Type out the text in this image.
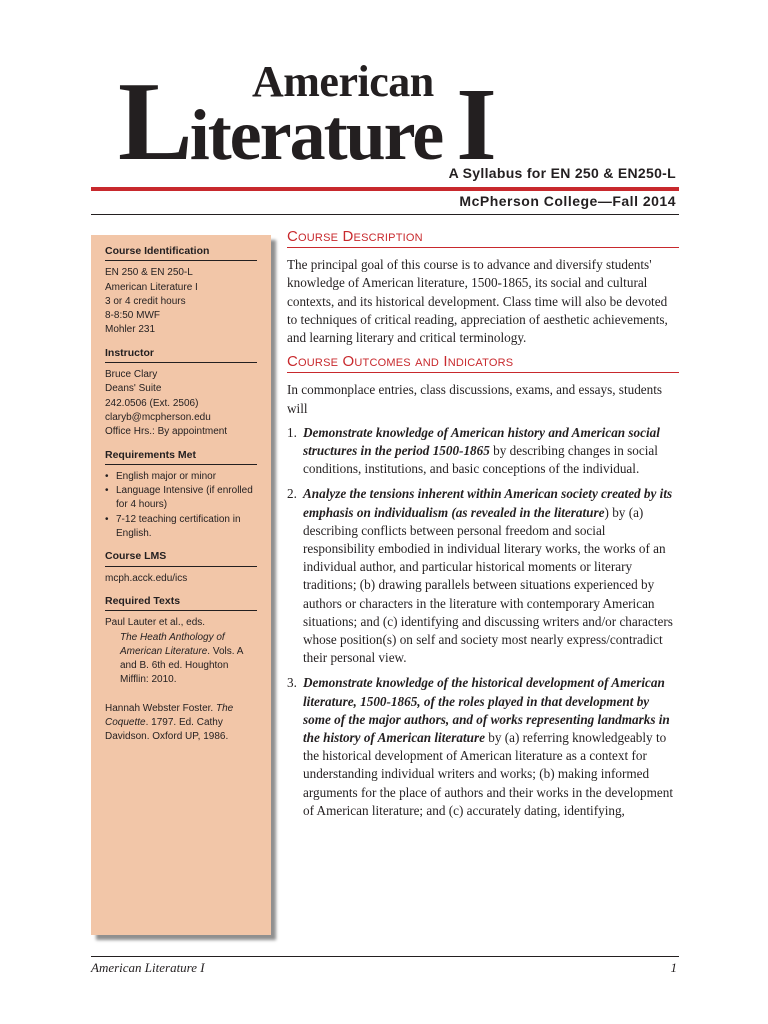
American
Literature I
A Syllabus for EN 250 & EN250-L
McPherson College—Fall 2014
Course Identification
EN 250 & EN 250-L
American Literature I
3 or 4 credit hours
8-8:50 MWF
Mohler 231
Instructor
Bruce Clary
Deans' Suite
242.0506 (Ext. 2506)
claryb@mcpherson.edu
Office Hrs.: By appointment
Requirements Met
• English major or minor
• Language Intensive (if enrolled for 4 hours)
• 7-12 teaching certification in English.
Course LMS
mcph.acck.edu/ics
Required Texts
Paul Lauter et al., eds.
The Heath Anthology of American Literature. Vols. A and B. 6th ed. Houghton Mifflin: 2010.
Hannah Webster Foster. The Coquette. 1797. Ed. Cathy Davidson. Oxford UP, 1986.
Course Description

The principal goal of this course is to advance and diversify students' knowledge of American literature, 1500-1865, its social and cultural contexts, and its historical development. Class time will also be devoted to techniques of critical reading, appreciation of aesthetic achievements, and learning literary and critical terminology.

Course Outcomes and Indicators

In commonplace entries, class discussions, exams, and essays, students will

1. Demonstrate knowledge of American history and American social structures in the period 1500-1865 by describing changes in social conditions, institutions, and basic conceptions of the individual.
2. Analyze the tensions inherent within American society created by its emphasis on individualism (as revealed in the literature) by (a) describing conflicts between personal freedom and social responsibility embodied in individual literary works, the works of an individual author, and particular historical moments or literary traditions; (b) drawing parallels between situations experienced by authors or characters in the literature with contemporary American situations; and (c) identifying and discussing writers and/or characters whose position(s) on self and society most nearly express/contradict their personal view.
3. Demonstrate knowledge of the historical development of American literature, 1500-1865, of the roles played in that development by some of the major authors, and of works representing landmarks in the history of American literature by (a) referring knowledgeably to the historical development of American literature as a context for understanding individual writers and works; (b) making informed arguments for the place of authors and their works in the development of American literature; and (c) accurately dating, identifying,
American Literature I	1
